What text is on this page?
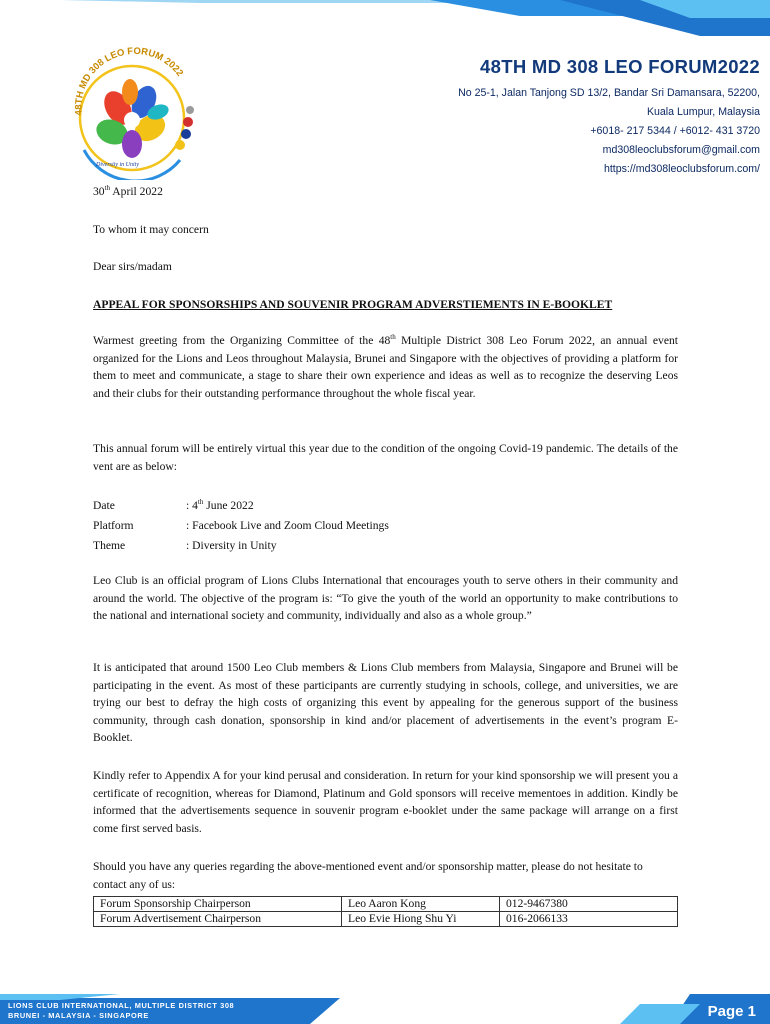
48TH MD 308 LEO FORUM 2022
Diversity in Unity
48TH MD 308 LEO FORUM2022
No 25-1, Jalan Tanjong SD 13/2, Bandar Sri Damansara, 52200,
Kuala Lumpur, Malaysia
+6018- 217 5344 / +6012- 431 3720
md308leoclubsforum@gmail.com
https://md308leoclubsforum.com/
30th April 2022
To whom it may concern
Dear sirs/madam
APPEAL FOR SPONSORSHIPS AND SOUVENIR PROGRAM ADVERSTIEMENTS IN E-BOOKLET

Warmest greeting from the Organizing Committee of the 48th Multiple District 308 Leo Forum 2022, an annual event organized for the Lions and Leos throughout Malaysia, Brunei and Singapore with the objectives of providing a platform for them to meet and communicate, a stage to share their own experience and ideas as well as to recognize the deserving Leos and their clubs for their outstanding performance throughout the whole fiscal year.

This annual forum will be entirely virtual this year due to the condition of the ongoing Covid-19 pandemic. The details of the vent are as below:

Date	: 4th June 2022
Platform	: Facebook Live and Zoom Cloud Meetings
Theme	: Diversity in Unity

Leo Club is an official program of Lions Clubs International that encourages youth to serve others in their community and around the world. The objective of the program is: “To give the youth of the world an opportunity to make contributions to the national and international society and community, individually and also as a whole group.”

It is anticipated that around 1500 Leo Club members & Lions Club members from Malaysia, Singapore and Brunei will be participating in the event. As most of these participants are currently studying in schools, college, and universities, we are trying our best to defray the high costs of organizing this event by appealing for the generous support of the business community, through cash donation, sponsorship in kind and/or placement of advertisements in the event’s program E-Booklet.

Kindly refer to Appendix A for your kind perusal and consideration. In return for your kind sponsorship we will present you a certificate of recognition, whereas for Diamond, Platinum and Gold sponsors will receive mementoes in addition. Kindly be informed that the advertisements sequence in souvenir program e-booklet under the same package will arrange on a first come first served basis.

Should you have any queries regarding the above-mentioned event and/or sponsorship matter, please do not hesitate to contact any of us:

Forum Sponsorship Chairperson	Leo Aaron Kong	012-9467380
Forum Advertisement Chairperson	Leo Evie Hiong Shu Yi	016-2066133
LIONS CLUB INTERNATIONAL, MULTIPLE DISTRICT 308
BRUNEI - MALAYSIA - SINGAPORE	Page 1
